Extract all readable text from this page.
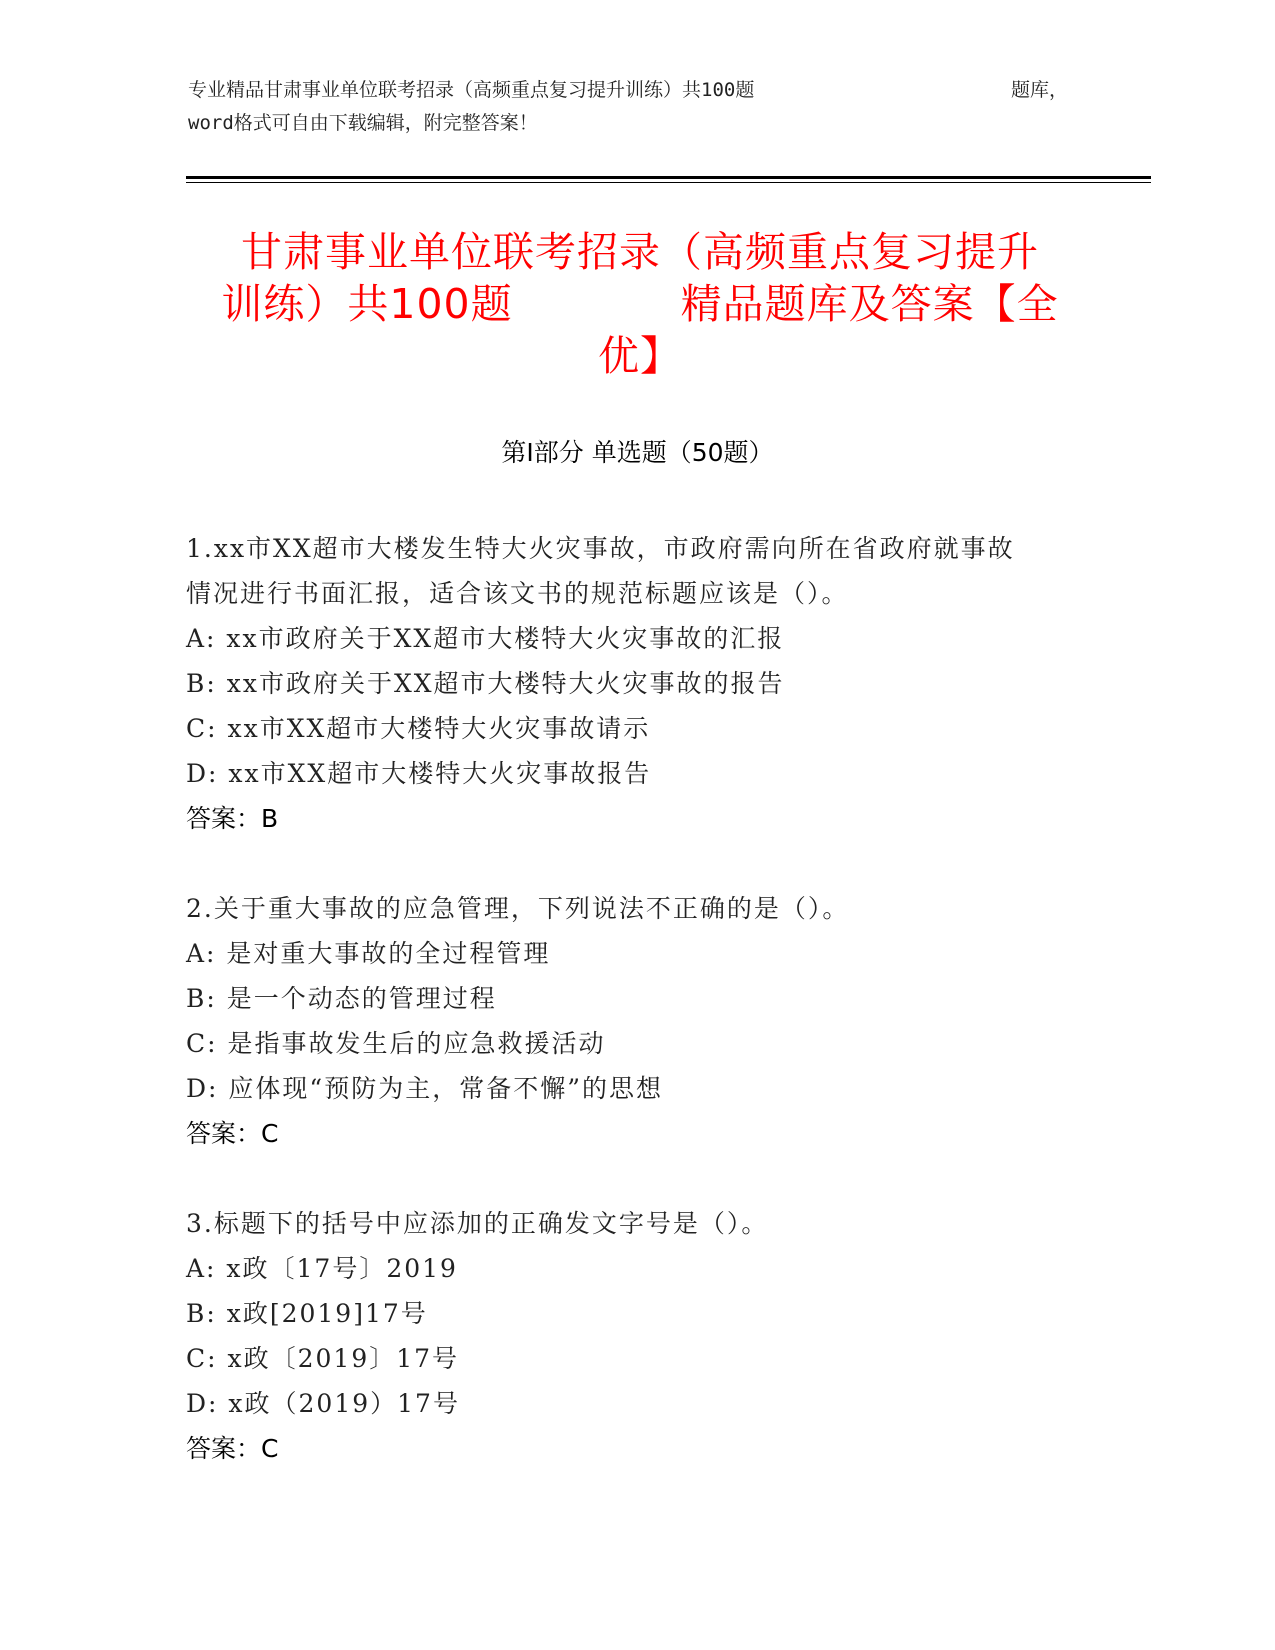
专业精品甘肃事业单位联考招录（高频重点复习提升训练）共100题	题库，
word格式可自由下载编辑，附完整答案！
甘肃事业单位联考招录（高频重点复习提升
训练）共100题　　　　精品题库及答案【全
优】
第Ⅰ部分 单选题（50题）

1.xx市XX超市大楼发生特大火灾事故，市政府需向所在省政府就事故

情况进行书面汇报，适合该文书的规范标题应该是（）。

A: xx市政府关于XX超市大楼特大火灾事故的汇报

B: xx市政府关于XX超市大楼特大火灾事故的报告

C: xx市XX超市大楼特大火灾事故请示

D: xx市XX超市大楼特大火灾事故报告

答案：B

2.关于重大事故的应急管理，下列说法不正确的是（）。

A: 是对重大事故的全过程管理

B: 是一个动态的管理过程

C: 是指事故发生后的应急救援活动

D: 应体现“预防为主，常备不懈”的思想

答案：C

3.标题下的括号中应添加的正确发文字号是（）。

A: x政〔17号〕2019

B: x政[2019]17号

C: x政〔2019〕17号

D: x政（2019）17号

答案：C
